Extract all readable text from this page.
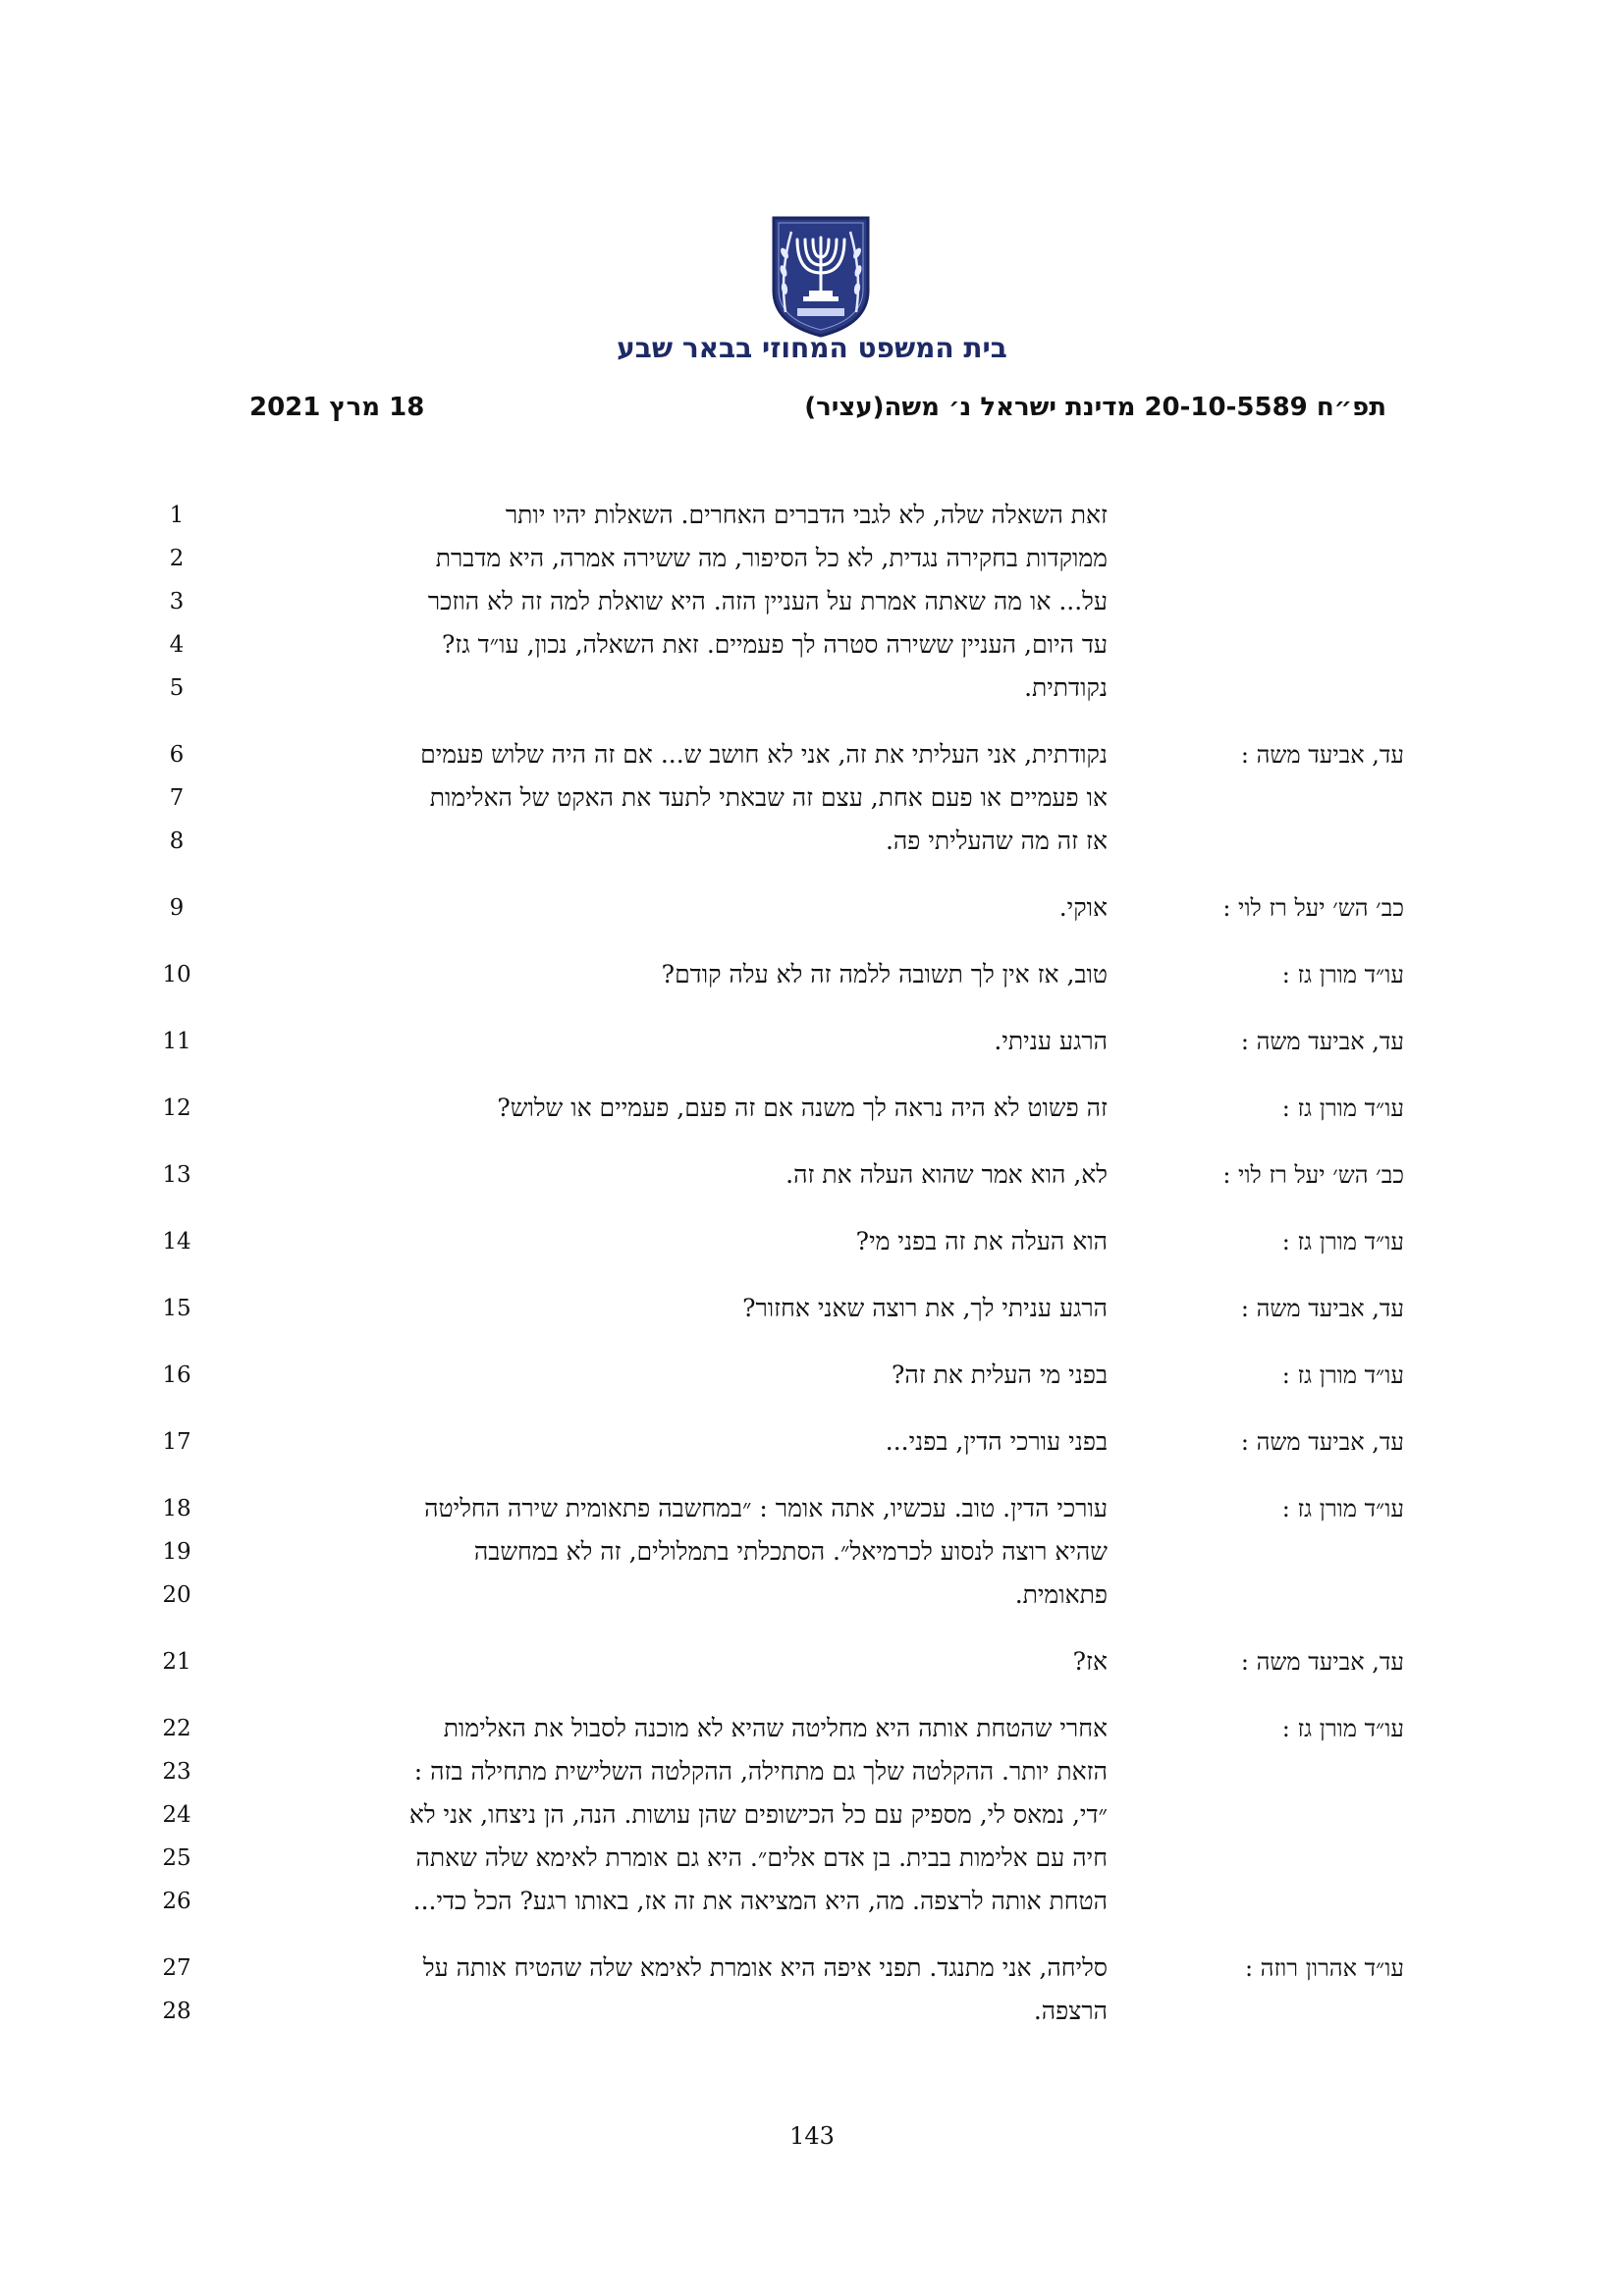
בית המשפט המחוזי בבאר שבע
תפ״ח 20-10-5589 מדינת ישראל נ׳ משה(עציר)
18 מרץ 2021
זאת השאלה שלה, לא לגבי הדברים האחרים. השאלות יהיו יותר
1
ממוקדות בחקירה נגדית, לא כל הסיפור, מה ששירה אמרה, היא מדברת
2
על... או מה שאתה אמרת על העניין הזה. היא שואלת למה זה לא הוזכר
3
עד היום, העניין ששירה סטרה לך פעמיים. זאת השאלה, נכון, עו״ד גז?
4
נקודתית.
5
עד, אביעד משה :
נקודתית, אני העליתי את זה, אני לא חושב ש... אם זה היה שלוש פעמים
6
או פעמיים או פעם אחת, עצם זה שבאתי לתעד את האקט של האלימות
7
אז זה מה שהעליתי פה.
8
כב׳ הש׳ יעל רז לוי :
אוקי.
9
עו״ד מורן גז :
טוב, אז אין לך תשובה ללמה זה לא עלה קודם?
10
עד, אביעד משה :
הרגע עניתי.
11
עו״ד מורן גז :
זה פשוט לא היה נראה לך משנה אם זה פעם, פעמיים או שלוש?
12
כב׳ הש׳ יעל רז לוי :
לא, הוא אמר שהוא העלה את זה.
13
עו״ד מורן גז :
הוא העלה את זה בפני מי?
14
עד, אביעד משה :
הרגע עניתי לך, את רוצה שאני אחזור?
15
עו״ד מורן גז :
בפני מי העלית את זה?
16
עד, אביעד משה :
בפני עורכי הדין, בפני...
17
עו״ד מורן גז :
עורכי הדין. טוב. עכשיו, אתה אומר : ״במחשבה פתאומית שירה החליטה
18
שהיא רוצה לנסוע לכרמיאל״. הסתכלתי בתמלולים, זה לא במחשבה
19
פתאומית.
20
עד, אביעד משה :
אז?
21
עו״ד מורן גז :
אחרי שהטחת אותה היא מחליטה שהיא לא מוכנה לסבול את האלימות
22
הזאת יותר. ההקלטה שלך גם מתחילה, ההקלטה השלישית מתחילה בזה :
23
״די, נמאס לי, מספיק עם כל הכישופים שהן עושות. הנה, הן ניצחו, אני לא
24
חיה עם אלימות בבית. בן אדם אלים״. היא גם אומרת לאימא שלה שאתה
25
הטחת אותה לרצפה. מה, היא המציאה את זה אז, באותו רגע? הכל כדי...
26
עו״ד אהרון רוזה :
סליחה, אני מתנגד. תפני איפה היא אומרת לאימא שלה שהטיח אותה על
27
הרצפה.
28
143
